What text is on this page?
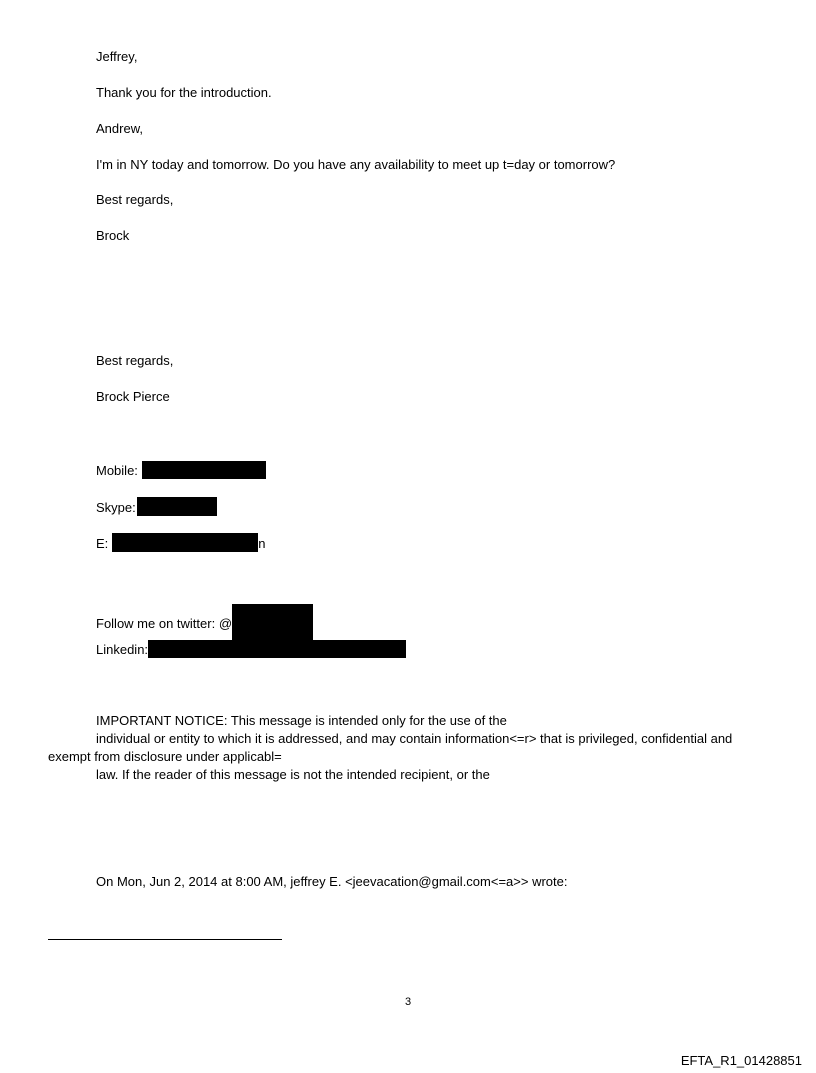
Jeffrey,
Thank you for the introduction.
Andrew,
I'm in NY today and tomorrow. Do you have any availability to meet up t=day or tomorrow?
Best regards,
Brock
Best regards,
Brock Pierce
Mobile:
Skype:
E:	n
Follow me on twitter: @
Linkedin:
IMPORTANT NOTICE: This message is intended only for the use of the
individual or entity to which it is addressed, and may contain information<=r> that is privileged, confidential and
exempt from disclosure under applicabl=
law. If the reader of this message is not the intended recipient, or the
On Mon, Jun 2, 2014 at 8:00 AM, jeffrey E. <jeevacation@gmail.com<=a>> wrote:
3
EFTA_R1_01428851
